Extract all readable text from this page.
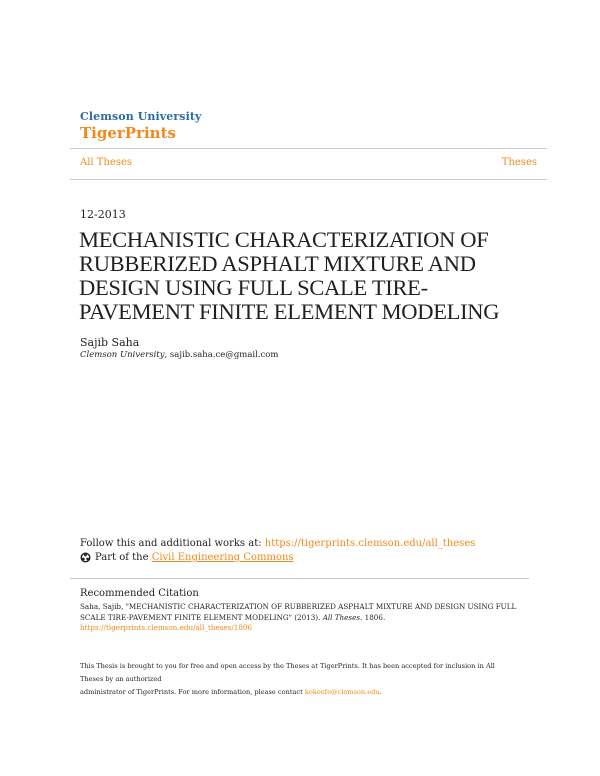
Clemson University
TigerPrints
All Theses	Theses
12-2013
MECHANISTIC CHARACTERIZATION OF
RUBBERIZED ASPHALT MIXTURE AND
DESIGN USING FULL SCALE TIRE-
PAVEMENT FINITE ELEMENT MODELING
Sajib Saha
Clemson University, sajib.saha.ce@gmail.com
Follow this and additional works at: https://tigerprints.clemson.edu/all_theses
Part of the
Civil Engineering Commons
Recommended Citation
Saha, Sajib, "MECHANISTIC CHARACTERIZATION OF RUBBERIZED ASPHALT MIXTURE AND DESIGN USING FULL
SCALE TIRE-PAVEMENT FINITE ELEMENT MODELING" (2013). All Theses. 1806.
https://tigerprints.clemson.edu/all_theses/1806
This Thesis is brought to you for free and open access by the Theses at TigerPrints. It has been accepted for inclusion in All Theses by an authorized
administrator of TigerPrints. For more information, please contact kokeefe@clemson.edu.
